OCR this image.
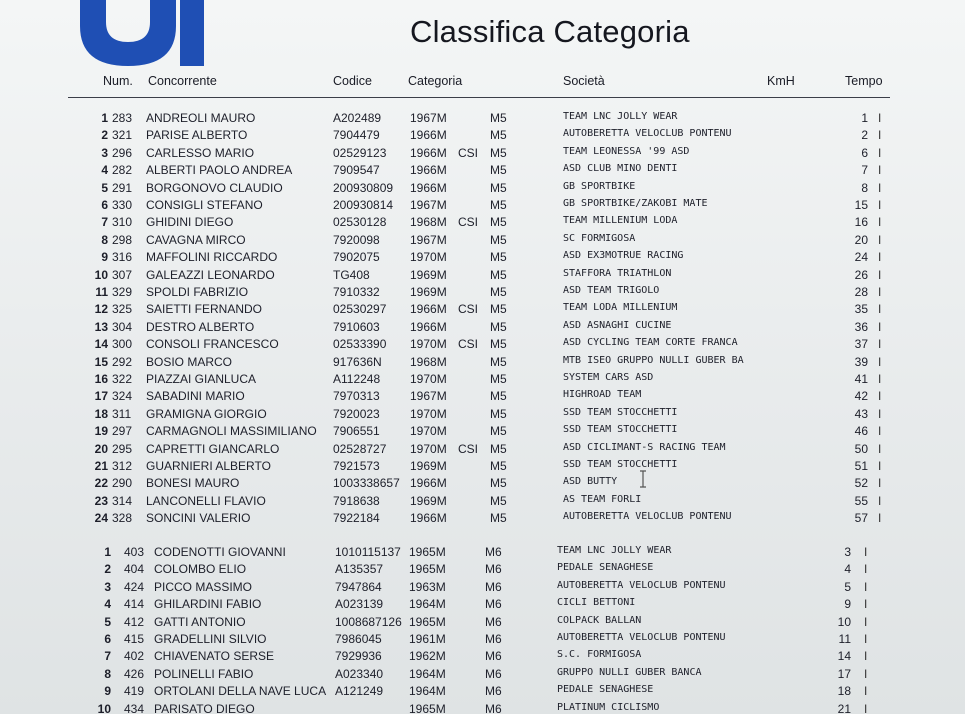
Classifica Categoria
Num. Concorrente	Codice	Categoria	Società	KmH	Tempo
1 283 ANDREOLI MAURO	A202489 1967M	M5	TEAM LNC JOLLY WEAR	1 I
2 321 PARISE ALBERTO	7904479	1966M	M5	AUTOBERETTA VELOCLUB PONTENU	2 I
3 296 CARLESSO MARIO	02529123 1966M CSI M5	TEAM LEONESSA '99 ASD	6 I
4 282 ALBERTI PAOLO ANDREA	7909547	1966M	M5	ASD CLUB MINO DENTI	7 I
5 291 BORGONOVO CLAUDIO	200930809 1966M	M5	GB SPORTBIKE	8 I
6 330 CONSIGLI STEFANO	200930814 1967M	M5	GB SPORTBIKE/ZAKOBI MATE	15 I
7 310 GHIDINI DIEGO	02530128 1968M CSI M5	TEAM MILLENIUM LODA	16 I
8 298 CAVAGNA MIRCO	7920098	1967M	M5	SC FORMIGOSA	20 I
9 316 MAFFOLINI RICCARDO	7902075	1970M	M5	ASD EX3MOTRUE RACING	24 I
10 307 GALEAZZI LEONARDO	TG408	1969M	M5	STAFFORA TRIATHLON	26 I
11 329 SPOLDI FABRIZIO	7910332	1969M	M5	ASD TEAM TRIGOLO	28 I
12 325 SAIETTI FERNANDO	02530297 1966M CSI M5	TEAM LODA MILLENIUM	35 I
13 304 DESTRO ALBERTO	7910603	1966M	M5	ASD ASNAGHI CUCINE	36 I
14 300 CONSOLI FRANCESCO	02533390 1970M CSI M5	ASD CYCLING TEAM CORTE FRANCA	37 I
15 292 BOSIO MARCO	917636N 1968M	M5	MTB ISEO GRUPPO NULLI GUBER BA	39 I
16 322 PIAZZAI GIANLUCA	A112248 1970M	M5	SYSTEM CARS ASD	41 I
17 324 SABADINI MARIO	7970313	1967M	M5	HIGHROAD TEAM	42 I
18 311 GRAMIGNA GIORGIO	7920023	1970M	M5	SSD TEAM STOCCHETTI	43 I
19 297 CARMAGNOLI MASSIMILIANO 7906551	1970M	M5	SSD TEAM STOCCHETTI	46 I
20 295 CAPRETTI GIANCARLO	02528727 1970M CSI M5	ASD CICLIMANT-S RACING TEAM	50 I
21 312 GUARNIERI ALBERTO	7921573	1969M	M5	SSD TEAM STOCCHETTI	51 I
22 290 BONESI MAURO	1003338657 1966M	M5	ASD BUTTY	52 I
23 314 LANCONELLI FLAVIO	7918638	1969M	M5	AS TEAM FORLI	55 I
24 328 SONCINI VALERIO	7922184	1966M	M5	AUTOBERETTA VELOCLUB PONTENU	57 I
1 403 CODENOTTI GIOVANNI	1010115137 1965M	M6	TEAM LNC JOLLY WEAR	3 I
2 404 COLOMBO ELIO	A135357 1965M	M6	PEDALE SENAGHESE	4 I
3 424 PICCO MASSIMO	7947864 1963M	M6	AUTOBERETTA VELOCLUB PONTENU	5 I
4 414 GHILARDINI FABIO	A023139 1964M	M6	CICLI BETTONI	9 I
5 412 GATTI ANTONIO	1008687126 1965M	M6	COLPACK BALLAN	10 I
6 415 GRADELLINI SILVIO	7986045 1961M	M6	AUTOBERETTA VELOCLUB PONTENU	11 I
7 402 CHIAVENATO SERSE	7929936 1962M	M6	S.C. FORMIGOSA	14 I
8 426 POLINELLI FABIO	A023340 1964M	M6	GRUPPO NULLI GUBER BANCA	17 I
9 419 ORTOLANI DELLA NAVE LUCA A121249 1964M	M6	PEDALE SENAGHESE	18 I
10 434 PARISATO DIEGO	1965M	M6	PLATINUM CICLISMO	21 I
